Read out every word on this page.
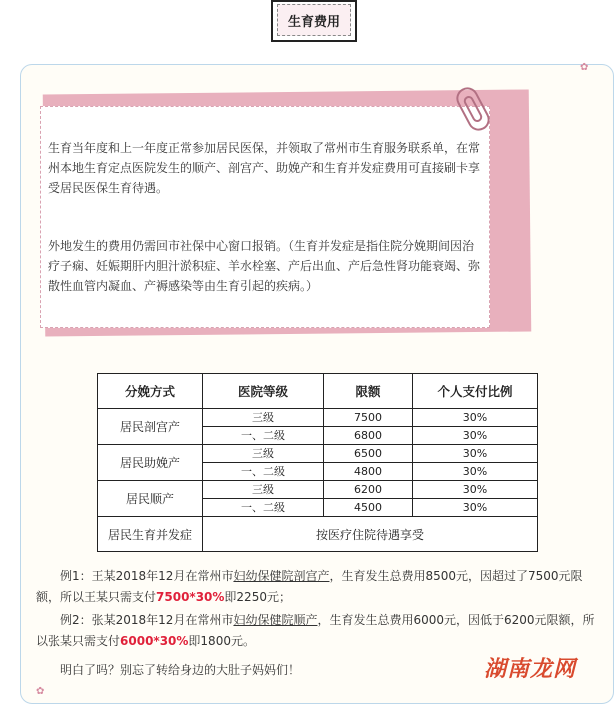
生育费用
✿
✿
生育当年度和上一年度正常参加居民医保，并领取了常州市生育服务联系单，在常州本地生育定点医院发生的顺产、剖宫产、助娩产和生育并发症费用可直接刷卡享受居民医保生育待遇。
外地发生的费用仍需回市社保中心窗口报销。（生育并发症是指住院分娩期间因治疗子痫、妊娠期肝内胆汁淤积症、羊水栓塞、产后出血、产后急性肾功能衰竭、弥散性血管内凝血、产褥感染等由生育引起的疾病。）
分娩方式	医院等级	限额	个人支付比例
居民剖宫产	三级	7500	30%
	一、二级	6800	30%
居民助娩产	三级	6500	30%
	一、二级	4800	30%
居民顺产	三级	6200	30%
	一、二级	4500	30%
居民生育并发症	按医疗住院待遇享受		
例1：王某2018年12月在常州市妇幼保健院剖宫产，生育发生总费用8500元，因超过了7500元限额，所以王某只需支付7500*30%即2250元；
例2：张某2018年12月在常州市妇幼保健院顺产，生育发生总费用6000元，因低于6200元限额，所以张某只需支付6000*30%即1800元。
明白了吗？别忘了转给身边的大肚子妈妈们！	湖南龙网
